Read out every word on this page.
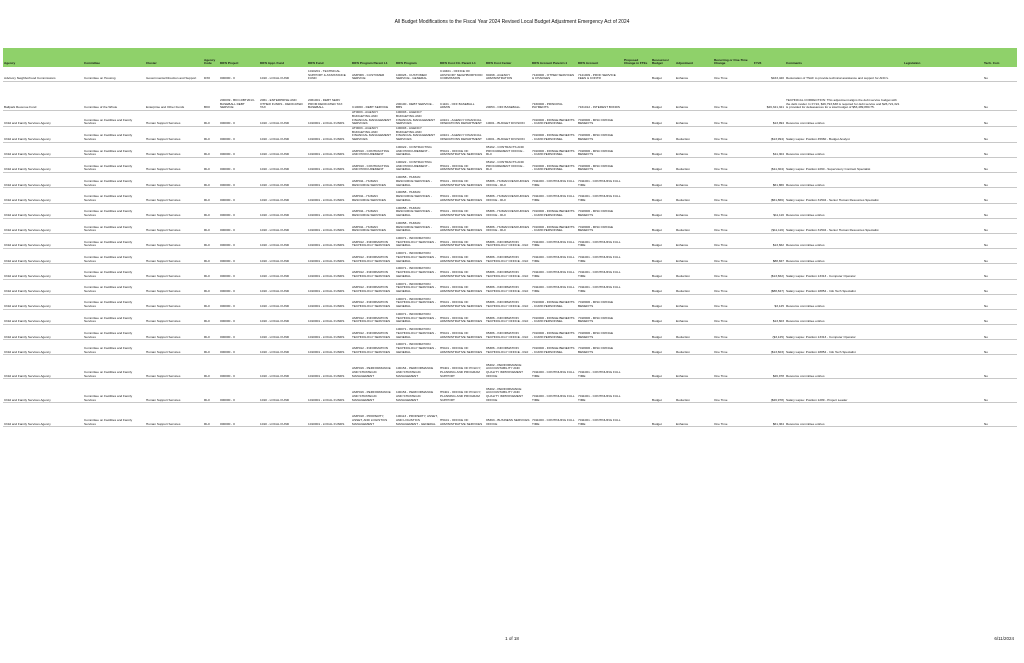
All Budget Modifications to the Fiscal Year 2024 Revised Local Budget Adjustment Emergency Act of 2024
Agency	Committee	Cluster	Agency Code	DIFS Project	DIFS Appr. Fund	DIFS Fund	DIFS Program Parent L1	DIFS Program	DIFS Cost Ctr. Parent L1	DIFS Cost Center	DIFS Account Parent L1	DIFS Account	Proposed Change in FTEs	Resources/ Budget	Adjustment	Recurring or One-Time Change	FY24	Comments	Legislation	Tech. Corr.
Advisory Neighborhood Commissions	Committee on Housing	Governmental Direction and Support	DX0	000000 - 0	1010 - LOCAL FUND	1010201 - TECHNICAL SUPPORT & ASSISTANCE FUND	AMP006 - CUSTOMER SERVICE	100026 - CUSTOMER SERVICE - GENERAL	C10401 - OFFICE OF ADVISORY NEIGHBORHOOD COMMISSION	90298 - AGENCY ADMINISTRATION	7120000 - OTHER SERVICES & CHARGES	7121009 - PROF SERVICE FEES & CONTR		Budget	Enhance	One Time	$163,420	Restoration of TSAF to provide technical assistance and support for ANC's.		No
Ballpark Revenue Fund	Committee of the Whole	Enterprise and Other Funds	BK0	200039 - BKO-DBT2013-BASEBALL DEBT SERVICE	2061 - ENTERPRISE AND OTHER FUNDS - DEDICATED TAX	2061001 - DEBT SERV PROM DEDICATED TAX BASEBALL	C10060 - DEBT SERVICE	200100 - DEBT SERVICE - BBS	C1101 - OFF BASEBALL ADMIN	20053 - OFF BASEBALL	7160000 - PRINCIPAL PAYMENTS	7161012 - INTEREST BONDS		Budget	Enhance	One Time	$26,321,321	TECHNICAL CORRECTION: This adjustment aligns the debt service budget with the debt model. In FY24, $26,793,638 is required for debt service and $26,721,321 is provided for defeasances for a total budget of $53,489,880.75.		No
Child and Family Services Agency	Committee on Facilities and Family Services	Human Support Services	RL0	000000 - 0	1010 - LOCAL FUND	1010001 - LOCAL FUNDS	AT0003 - AGENCY BUDGETING AND FINANCIAL MANAGEMENT SERVICES	100003 - AGENCY BUDGETING AND FINANCIAL MANAGEMENT SERVICES	A0101 - AGENCY FINANCIAL OPERATIONS DEPARTMENT	10001 - BUDGET DIVISION	7010000 - FRINGE BENEFITS - CURR PERSONNEL	7018006 - MISC FRINGE BENEFITS		Budget	Enhance	One Time	$13,994	Resource committee entries		No
Child and Family Services Agency	Committee on Facilities and Family Services	Human Support Services	RL0	000000 - 0	1010 - LOCAL FUND	1010001 - LOCAL FUNDS	AT0003 - AGENCY BUDGETING AND FINANCIAL MANAGEMENT SERVICES	100003 - AGENCY BUDGETING AND FINANCIAL MANAGEMENT SERVICES	A0101 - AGENCY FINANCIAL OPERATIONS DEPARTMENT	10001 - BUDGET DIVISION	7010000 - FRINGE BENEFITS - CURR PERSONNEL	7018006 - MISC FRINGE BENEFITS		Budget	Reduction	One Time	($13,994)	Salary Lapse: Position 45660 - Budget Analyst		No
Child and Family Services Agency	Committee on Facilities and Family Services	Human Support Services	RL0	000000 - 0	1010 - LOCAL FUND	1010001 - LOCAL FUNDS	AMP010 - CONTRACTING AND PROCUREMENT	100022 - CONTRACTING AND PROCUREMENT - GENERAL	H5101 - OFFICE OF ADMINISTRATIVE SERVICES	95162 - CONTRACTS AND PROCUREMENT OFFICE - RL0	7010000 - FRINGE BENEFITS - CURR PERSONNEL	7018006 - MISC FRINGE BENEFITS		Budget	Enhance	One Time	$11,304	Resource committee entries		No
Child and Family Services Agency	Committee on Facilities and Family Services	Human Support Services	RL0	000000 - 0	1010 - LOCAL FUND	1010001 - LOCAL FUNDS	AMP010 - CONTRACTING AND PROCUREMENT	100022 - CONTRACTING AND PROCUREMENT - GENERAL	H5101 - OFFICE OF ADMINISTRATIVE SERVICES	95162 - CONTRACTS AND PROCUREMENT OFFICE - RL0	7010000 - FRINGE BENEFITS - CURR PERSONNEL	7018006 - MISC FRINGE BENEFITS		Budget	Reduction	One Time	($11,304)	Salary Lapse: Position 2260 - Supervisory Contract Specialist		No
Child and Family Services Agency	Committee on Facilities and Family Services	Human Support Services	RL0	000000 - 0	1010 - LOCAL FUND	1010001 - LOCAL FUNDS	AMP011 - HUMAN RESOURCE SERVICES	100058 - HUMAN RESOURCE SERVICES - GENERAL	H5101 - OFFICE OF ADMINISTRATIVE SERVICES	95386 - HUMAN RESOURCES OFFICE - RL0	7011000 - CONTINUING FULL TIME	7011001 - CONTINUING FULL TIME		Budget	Enhance	One Time	$61,866	Resource committee entries		No
Child and Family Services Agency	Committee on Facilities and Family Services	Human Support Services	RL0	000000 - 0	1010 - LOCAL FUND	1010001 - LOCAL FUNDS	AMP011 - HUMAN RESOURCE SERVICES	100058 - HUMAN RESOURCE SERVICES - GENERAL	H5101 - OFFICE OF ADMINISTRATIVE SERVICES	95386 - HUMAN RESOURCES OFFICE - RL0	7011000 - CONTINUING FULL TIME	7011001 - CONTINUING FULL TIME		Budget	Reduction	One Time	($61,866)	Salary Lapse: Position 31504 - Senior Human Resources Specialist		No
Child and Family Services Agency	Committee on Facilities and Family Services	Human Support Services	RL0	000000 - 0	1010 - LOCAL FUND	1010001 - LOCAL FUNDS	AMP011 - HUMAN RESOURCE SERVICES	100058 - HUMAN RESOURCE SERVICES - GENERAL	H5101 - OFFICE OF ADMINISTRATIVE SERVICES	95386 - HUMAN RESOURCES OFFICE - RL0	7010000 - FRINGE BENEFITS - CURR PERSONNEL	7018006 - MISC FRINGE BENEFITS		Budget	Enhance	One Time	$11,116	Resource committee entries		No
Child and Family Services Agency	Committee on Facilities and Family Services	Human Support Services	RL0	000000 - 0	1010 - LOCAL FUND	1010001 - LOCAL FUNDS	AMP011 - HUMAN RESOURCE SERVICES	100058 - HUMAN RESOURCE SERVICES - GENERAL	H5101 - OFFICE OF ADMINISTRATIVE SERVICES	95386 - HUMAN RESOURCES OFFICE - RL0	7010000 - FRINGE BENEFITS - CURR PERSONNEL	7018006 - MISC FRINGE BENEFITS		Budget	Reduction	One Time	($11,116)	Salary Lapse: Position 31504 - Senior Human Resources Specialist		No
Child and Family Services Agency	Committee on Facilities and Family Services	Human Support Services	RL0	000000 - 0	1010 - LOCAL FUND	1010001 - LOCAL FUNDS	AMP012 - INFORMATION TECHNOLOGY SERVICES	100071 - INFORMATION TECHNOLOGY SERVICES - GENERAL	H5101 - OFFICE OF ADMINISTRATIVE SERVICES	95386 - INFORMATION TECHNOLOGY OFFICE - RL0	7011000 - CONTINUING FULL TIME	7011001 - CONTINUING FULL TIME		Budget	Enhance	One Time	$13,662	Resource committee entries		No
Child and Family Services Agency	Committee on Facilities and Family Services	Human Support Services	RL0	000000 - 0	1010 - LOCAL FUND	1010001 - LOCAL FUNDS	AMP012 - INFORMATION TECHNOLOGY SERVICES	100071 - INFORMATION TECHNOLOGY SERVICES - GENERAL	H5101 - OFFICE OF ADMINISTRATIVE SERVICES	95386 - INFORMATION TECHNOLOGY OFFICE - RL0	7011000 - CONTINUING FULL TIME	7011001 - CONTINUING FULL TIME		Budget	Enhance	One Time	$88,847	Resource committee entries		No
Child and Family Services Agency	Committee on Facilities and Family Services	Human Support Services	RL0	000000 - 0	1010 - LOCAL FUND	1010001 - LOCAL FUNDS	AMP012 - INFORMATION TECHNOLOGY SERVICES	100071 - INFORMATION TECHNOLOGY SERVICES - GENERAL	H5101 - OFFICE OF ADMINISTRATIVE SERVICES	95386 - INFORMATION TECHNOLOGY OFFICE - RL0	7011000 - CONTINUING FULL TIME	7011001 - CONTINUING FULL TIME		Budget	Reduction	One Time	($13,662)	Salary Lapse: Position 13313 - Computer Operator		No
Child and Family Services Agency	Committee on Facilities and Family Services	Human Support Services	RL0	000000 - 0	1010 - LOCAL FUND	1010001 - LOCAL FUNDS	AMP012 - INFORMATION TECHNOLOGY SERVICES	100071 - INFORMATION TECHNOLOGY SERVICES - GENERAL	H5101 - OFFICE OF ADMINISTRATIVE SERVICES	95386 - INFORMATION TECHNOLOGY OFFICE - RL0	7011000 - CONTINUING FULL TIME	7011001 - CONTINUING FULL TIME		Budget	Reduction	One Time	($88,847)	Salary Lapse: Position 18854 - Info Tech Specialist		No
Child and Family Services Agency	Committee on Facilities and Family Services	Human Support Services	RL0	000000 - 0	1010 - LOCAL FUND	1010001 - LOCAL FUNDS	AMP012 - INFORMATION TECHNOLOGY SERVICES	100071 - INFORMATION TECHNOLOGY SERVICES - GENERAL	H5101 - OFFICE OF ADMINISTRATIVE SERVICES	95386 - INFORMATION TECHNOLOGY OFFICE - RL0	7010000 - FRINGE BENEFITS - CURR PERSONNEL	7018006 - MISC FRINGE BENEFITS		Budget	Enhance	One Time	$3,125	Resource committee entries		No
Child and Family Services Agency	Committee on Facilities and Family Services	Human Support Services	RL0	000000 - 0	1010 - LOCAL FUND	1010001 - LOCAL FUNDS	AMP012 - INFORMATION TECHNOLOGY SERVICES	100071 - INFORMATION TECHNOLOGY SERVICES - GENERAL	H5101 - OFFICE OF ADMINISTRATIVE SERVICES	95386 - INFORMATION TECHNOLOGY OFFICE - RL0	7010000 - FRINGE BENEFITS - CURR PERSONNEL	7018006 - MISC FRINGE BENEFITS		Budget	Enhance	One Time	$13,603	Resource committee entries		No
Child and Family Services Agency	Committee on Facilities and Family Services	Human Support Services	RL0	000000 - 0	1010 - LOCAL FUND	1010001 - LOCAL FUNDS	AMP012 - INFORMATION TECHNOLOGY SERVICES	100071 - INFORMATION TECHNOLOGY SERVICES - GENERAL	H5101 - OFFICE OF ADMINISTRATIVE SERVICES	95386 - INFORMATION TECHNOLOGY OFFICE - RL0	7010000 - FRINGE BENEFITS - CURR PERSONNEL	7018006 - MISC FRINGE BENEFITS		Budget	Reduction	One Time	($3,125)	Salary Lapse: Position 13313 - Computer Operator		No
Child and Family Services Agency	Committee on Facilities and Family Services	Human Support Services	RL0	000000 - 0	1010 - LOCAL FUND	1010001 - LOCAL FUNDS	AMP012 - INFORMATION TECHNOLOGY SERVICES	100071 - INFORMATION TECHNOLOGY SERVICES - GENERAL	H5101 - OFFICE OF ADMINISTRATIVE SERVICES	95386 - INFORMATION TECHNOLOGY OFFICE - RL0	7010000 - FRINGE BENEFITS - CURR PERSONNEL	7018006 - MISC FRINGE BENEFITS		Budget	Reduction	One Time	($13,603)	Salary Lapse: Position 18854 - Info Tech Specialist		No
Child and Family Services Agency	Committee on Facilities and Family Services	Human Support Services	RL0	000000 - 0	1010 - LOCAL FUND	1010001 - LOCAL FUNDS	AMP016 - PERFORMANCE AND STRATEGIC MANAGEMENT	100154 - PERFORMANCE AND STRATEGIC MANAGEMENT	H5401 - OFFICE OF POLICY, PLANNING AND PROGRAM SUPPORT	95402 - PERFORMANCE ACCOUNTABILITY AND QUALITY IMPROVEMENT OFFICE	7011000 - CONTINUING FULL TIME	7011001 - CONTINUING FULL TIME		Budget	Enhance	One Time	$26,978	Resource committee entries		No
Child and Family Services Agency	Committee on Facilities and Family Services	Human Support Services	RL0	000000 - 0	1010 - LOCAL FUND	1010001 - LOCAL FUNDS	AMP016 - PERFORMANCE AND STRATEGIC MANAGEMENT	100154 - PERFORMANCE AND STRATEGIC MANAGEMENT	H5401 - OFFICE OF POLICY, PLANNING AND PROGRAM SUPPORT	95402 - PERFORMANCE ACCOUNTABILITY AND QUALITY IMPROVEMENT OFFICE	7011000 - CONTINUING FULL TIME	7011001 - CONTINUING FULL TIME		Budget	Reduction	One Time	($26,978)	Salary Lapse: Position 1289 - Project Leader		No
Child and Family Services Agency	Committee on Facilities and Family Services	Human Support Services	RL0	000000 - 0	1010 - LOCAL FUND	1010001 - LOCAL FUNDS	AMP018 - PROPERTY, ASSET, AND LOGISTICS MANAGEMENT	100113 - PROPERTY, ASSET, AND LOGISTICS MANAGEMENT - GENERAL	H5101 - OFFICE OF ADMINISTRATIVE SERVICES	95393 - BUSINESS SERVICES OFFICE	7011000 - CONTINUING FULL TIME	7011001 - CONTINUING FULL TIME		Budget	Enhance	One Time	$61,364	Resource committee entries		No
1 of 18	6/11/2024
